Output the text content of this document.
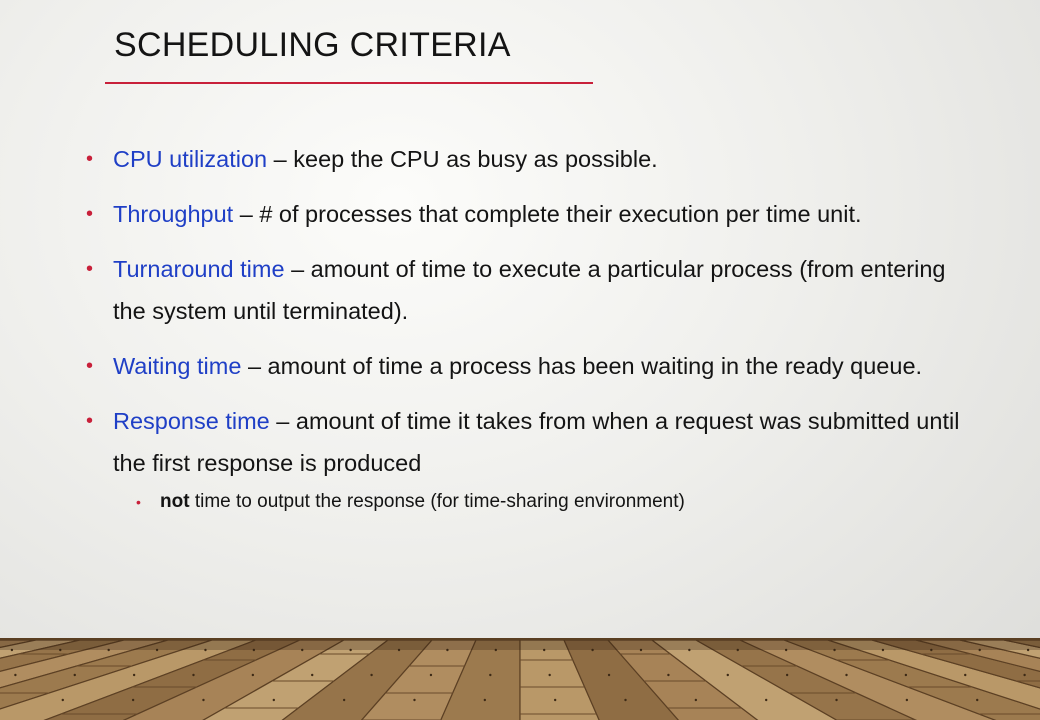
SCHEDULING CRITERIA
• CPU utilization – keep the CPU as busy as possible.
• Throughput – # of processes that complete their execution per time unit.
• Turnaround time – amount of time to execute a particular process (from entering the system until terminated).
• Waiting time – amount of time a process has been waiting in the ready queue.
• Response time – amount of time it takes from when a request was submitted until the first response is produced
• not time to output the response (for time-sharing environment)
